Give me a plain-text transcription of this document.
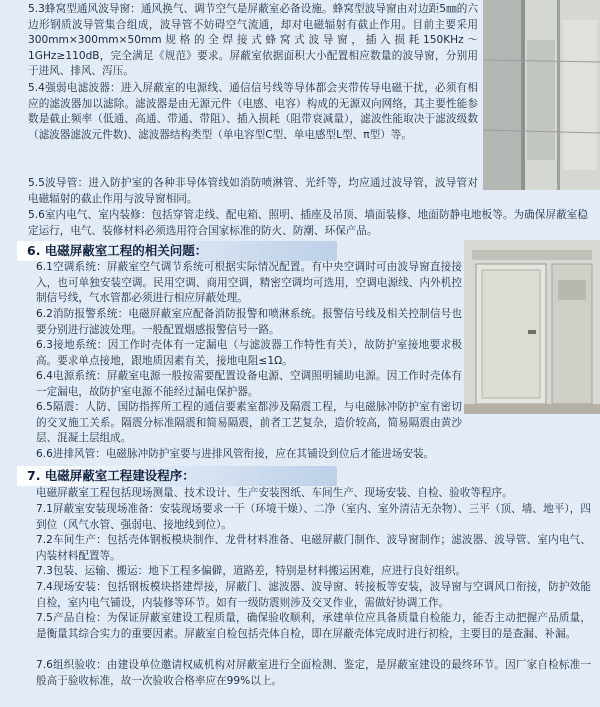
5.3蜂窝型通风波导窗：通风换气、调节空气是屏蔽室必备设施。蜂窝型波导窗由对边距5㎜的六边形钢质波导管集合组成，波导管不妨碍空气流通，却对电磁辐射有截止作用。目前主要采用300mm×300mm×50mm规格的全焊接式蜂窝式波导窗，插入损耗150KHz～1GHz≥110dB，完全满足《规范》要求。屏蔽室依据面积大小配置相应数量的波导窗，分别用于进风、排风、泻压。

5.4强弱电滤波器：进入屏蔽室的电源线、通信信号线等导体都会夹带传导电磁干扰，必须有相应的滤波器加以滤除。滤波器是由无源元件（电感、电容）构成的无源双向网络，其主要性能参数是截止频率（低通、高通、带通、带阻）、插入损耗（阻带衰减量），滤波性能取决于滤波级数（滤波器滤波元件数)、滤波器结构类型（单电容型C型、单电感型L型、π型）等。

5.5波导管：进入防护室的各种非导体管线如消防喷淋管、光纤等，均应通过波导管，波导管对电磁辐射的截止作用与波导窗相同。

5.6室内电气、室内装修：包括穿管走线、配电箱、照明、插座及吊顶、墙面装修、地面防静电地板等。为确保屏蔽室稳定运行，电气、装修材料必须选用符合国家标准的防火、防潮、环保产品。

6. 电磁屏蔽室工程的相关问题：

6.1空调系统：屏蔽室空气调节系统可根据实际情况配置。有中央空调时可由波导窗直接接入，也可单独安装空调。民用空调、商用空调，精密空调均可选用，空调电源线、内外机控制信号线，气水管都必须进行相应屏蔽处理。

6.2消防报警系统：电磁屏蔽室应配备消防报警和喷淋系统。报警信号线及相关控制信号也要分别进行滤波处理。一般配置烟感报警信号一路。

6.3接地系统：因工作时壳体有一定漏电（与滤波器工作特性有关），故防护室接地要求极高。要求单点接地，跟地质因素有关，接地电阻≤1Ω。

6.4电源系统：屏蔽室电源一般按需要配置设备电源、空调照明辅助电源。因工作时壳体有一定漏电，故防护室电源不能经过漏电保护器。

6.5隔震：人防、国防指挥所工程的通信要素室都涉及隔震工程，与电磁脉冲防护室有密切的交叉施工关系。隔震分标准隔震和简易隔震，前者工艺复杂，造价较高，简易隔震由黄沙层、混凝土层组成。

6.6进排风管：电磁脉冲防护室要与进排风管衔接，应在其铺设到位后才能进场安装。

7. 电磁屏蔽室工程建设程序：

电磁屏蔽室工程包括现场测量、技术设计、生产安装图纸、车间生产、现场安装、自检、验收等程序。

7.1屏蔽室安装现场准备：安装现场要求一干（环境干燥）、二净（室内、室外清洁无杂物）、三平（顶、墙、地平），四到位（风气水管、强弱电、接地线到位）。

7.2车间生产：包括壳体钢板模块制作、龙骨材料准备、电磁屏蔽门制作、波导窗制作；滤波器、波导管、室内电气、内装材料配置等。

7.3包装、运输、搬运：地下工程多偏僻，道路差，特别是材料搬运困难，应进行良好组织。

7.4现场安装：包括钢板模块搭建焊接，屏蔽门、滤波器、波导窗、转接板等安装，波导窗与空调风口衔接，防护效能自检，室内电气铺设，内装修等环节。如有一级防震则涉及交叉作业，需做好协调工作。

7.5产品自检：为保证屏蔽室建设工程质量，确保验收顺利，承建单位应具备质量自检能力，能否主动把握产品质量，是衡量其综合实力的重要因素。屏蔽室自检包括壳体自检，即在屏蔽壳体完成时进行初检，主要目的是查漏、补漏。

7.6组织验收：由建设单位邀请权威机构对屏蔽室进行全面检测、鉴定，是屏蔽室建设的最终环节。因厂家自检标准一般高于验收标准，故一次验收合格率应在99%以上。
